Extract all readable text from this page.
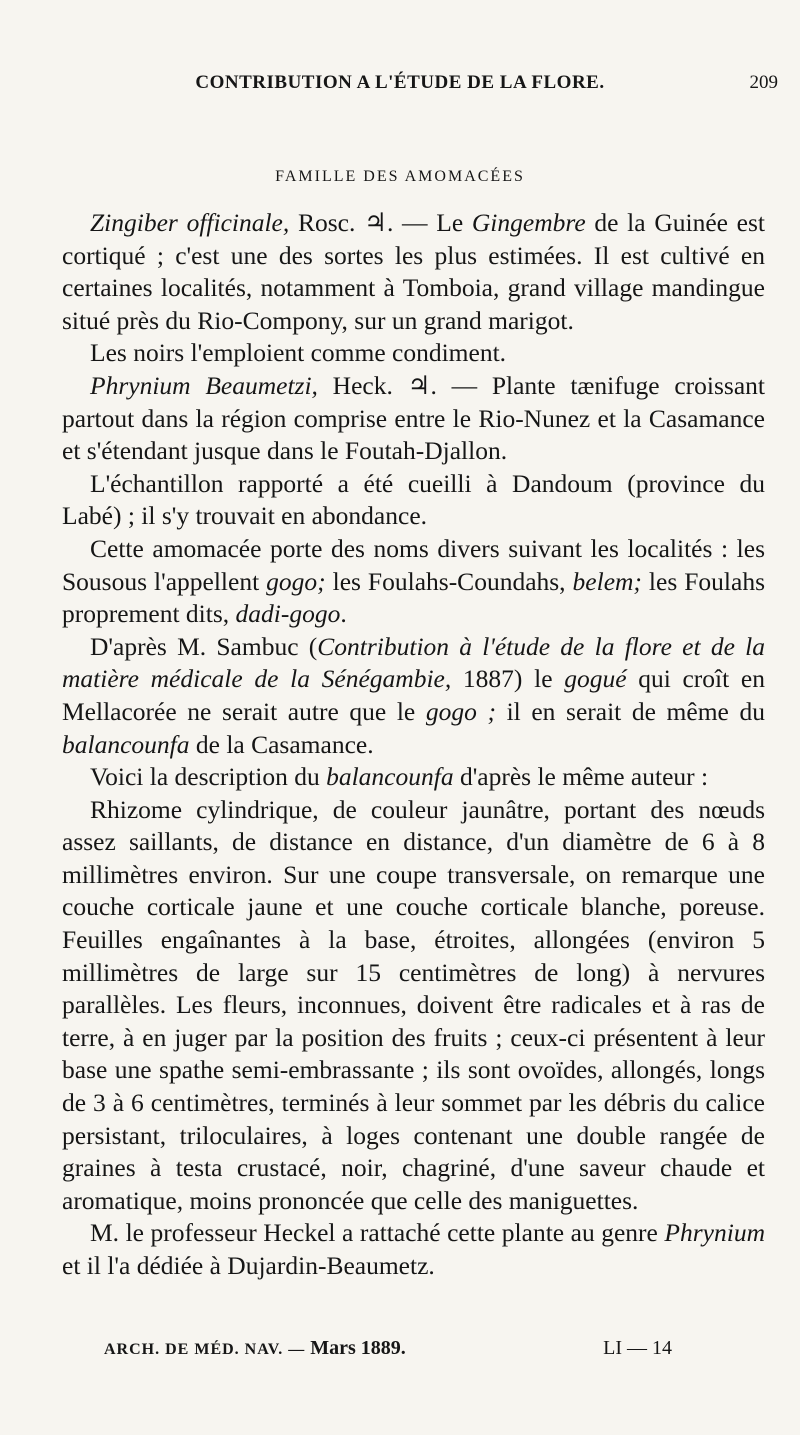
CONTRIBUTION A L'ÉTUDE DE LA FLORE.	209
FAMILLE DES AMOMACÉES

Zingiber officinale, Rosc. ♃. — Le Gingembre de la Guinée est cortiqué ; c'est une des sortes les plus estimées. Il est cultivé en certaines localités, notamment à Tomboia, grand village mandingue situé près du Rio-Compony, sur un grand marigot.

Les noirs l'emploient comme condiment.

Phrynium Beaumetzi, Heck. ♃. — Plante tænifuge croissant partout dans la région comprise entre le Rio-Nunez et la Casamance et s'étendant jusque dans le Foutah-Djallon.

L'échantillon rapporté a été cueilli à Dandoum (province du Labé) ; il s'y trouvait en abondance.

Cette amomacée porte des noms divers suivant les localités : les Sousous l'appellent gogo; les Foulahs-Coundahs, belem; les Foulahs proprement dits, dadi-gogo.

D'après M. Sambuc (Contribution à l'étude de la flore et de la matière médicale de la Sénégambie, 1887) le gogué qui croît en Mellacorée ne serait autre que le gogo ; il en serait de même du balancounfa de la Casamance.

Voici la description du balancounfa d'après le même auteur :

Rhizome cylindrique, de couleur jaunâtre, portant des nœuds assez saillants, de distance en distance, d'un diamètre de 6 à 8 millimètres environ. Sur une coupe transversale, on remarque une couche corticale jaune et une couche corticale blanche, poreuse. Feuilles engaînantes à la base, étroites, allongées (environ 5 millimètres de large sur 15 centimètres de long) à nervures parallèles. Les fleurs, inconnues, doivent être radicales et à ras de terre, à en juger par la position des fruits ; ceux-ci présentent à leur base une spathe semi-embrassante ; ils sont ovoïdes, allongés, longs de 3 à 6 centimètres, terminés à leur sommet par les débris du calice persistant, triloculaires, à loges contenant une double rangée de graines à testa crustacé, noir, chagriné, d'une saveur chaude et aromatique, moins prononcée que celle des maniguettes.

M. le professeur Heckel a rattaché cette plante au genre Phrynium et il l'a dédiée à Dujardin-Beaumetz.

ARCH. DE MÉD. NAV. — Mars 1889.	LI — 14
